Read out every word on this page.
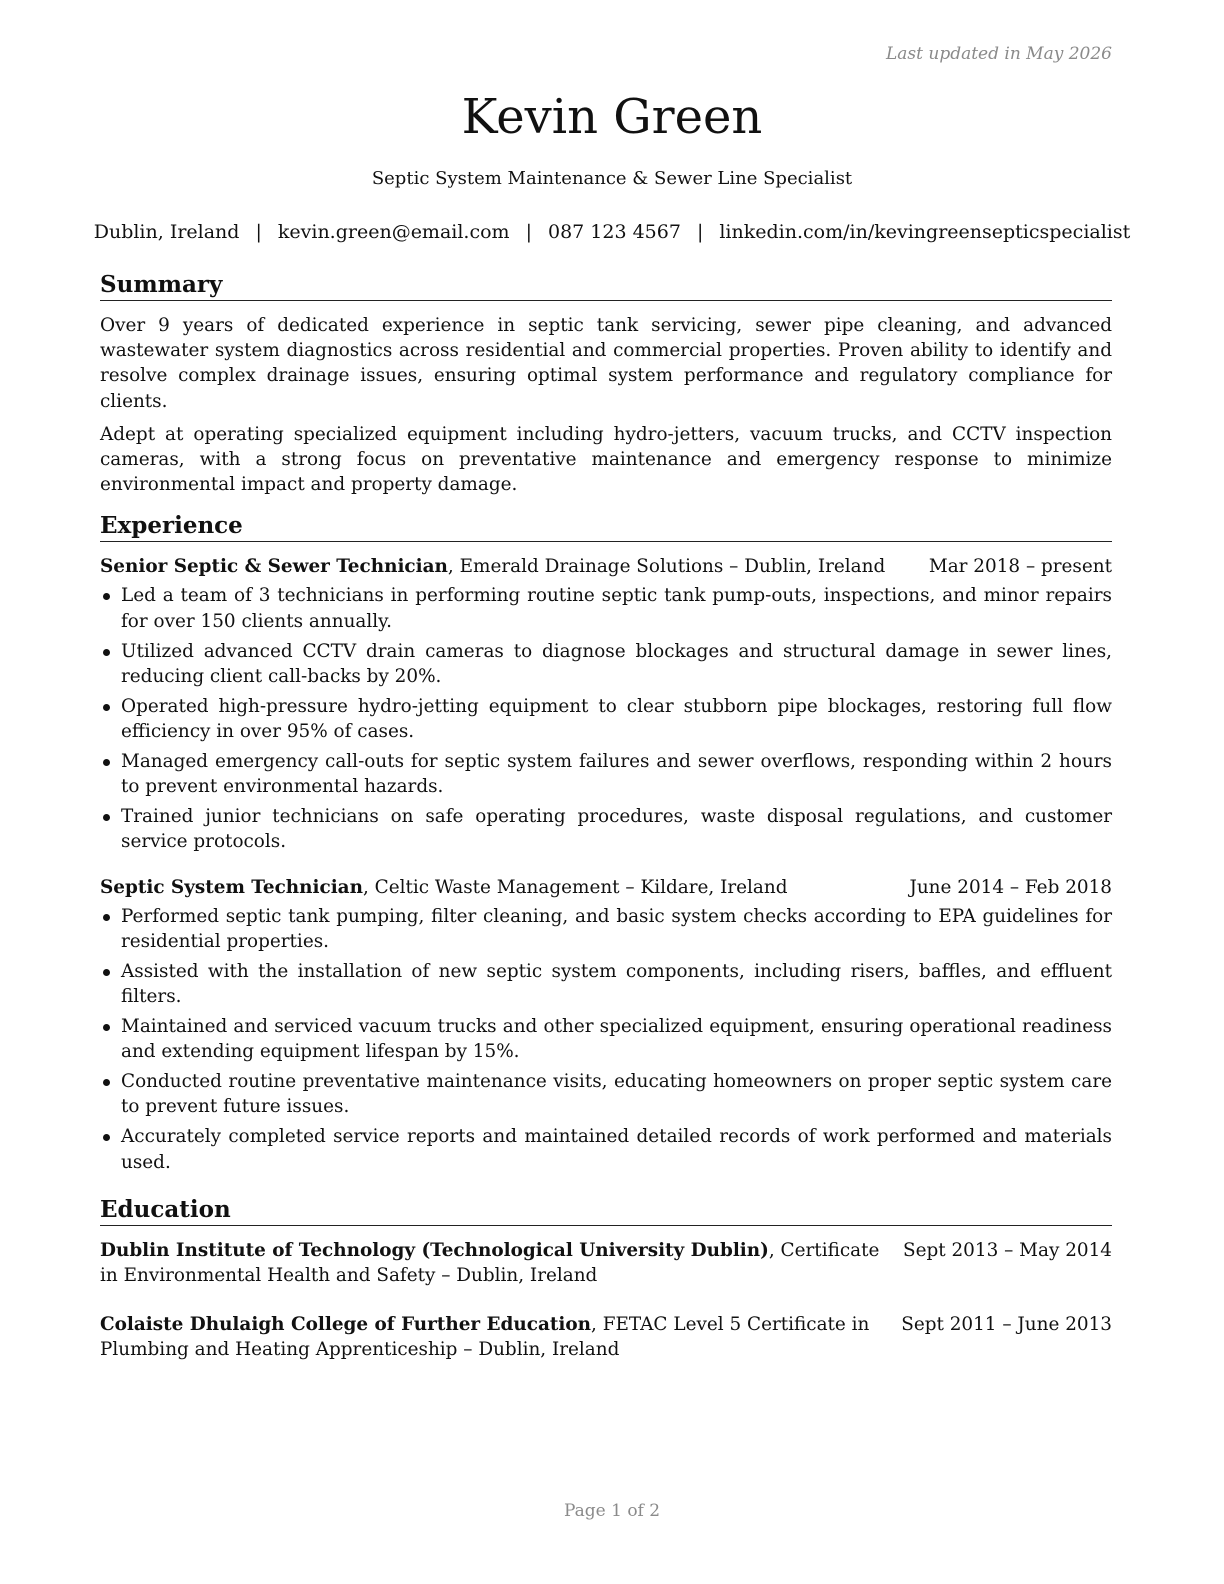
Last updated in May 2026
Kevin Green
Septic System Maintenance & Sewer Line Specialist
Dublin, Ireland | kevin.green@email.com | 087 123 4567 | linkedin.com/in/kevingreensepticspecialist
Summary

Over 9 years of dedicated experience in septic tank servicing, sewer pipe cleaning, and advanced wastewater system diagnostics across residential and commercial properties. Proven ability to identify and resolve complex drainage issues, ensuring optimal system performance and regulatory compliance for clients.

Adept at operating specialized equipment including hydro-jetters, vacuum trucks, and CCTV inspection cameras, with a strong focus on preventative maintenance and emergency response to minimize environmental impact and property damage.

Experience
Senior Septic & Sewer Technician, Emerald Drainage Solutions – Dublin, Ireland Mar 2018 – present
Led a team of 3 technicians in performing routine septic tank pump-outs, inspections, and minor repairs for over 150 clients annually.
Utilized advanced CCTV drain cameras to diagnose blockages and structural damage in sewer lines, reducing client call-backs by 20%.
Operated high-pressure hydro-jetting equipment to clear stubborn pipe blockages, restoring full flow efficiency in over 95% of cases.
Managed emergency call-outs for septic system failures and sewer overflows, responding within 2 hours to prevent environmental hazards.
Trained junior technicians on safe operating procedures, waste disposal regulations, and customer service protocols.
Septic System Technician, Celtic Waste Management – Kildare, Ireland	June 2014 – Feb 2018
Performed septic tank pumping, filter cleaning, and basic system checks according to EPA guidelines for residential properties.
Assisted with the installation of new septic system components, including risers, baffles, and effluent filters.
Maintained and serviced vacuum trucks and other specialized equipment, ensuring operational readiness and extending equipment lifespan by 15%.
Conducted routine preventative maintenance visits, educating homeowners on proper septic system care to prevent future issues.
Accurately completed service reports and maintained detailed records of work performed and materials used.
Education
Dublin Institute of Technology (Technological University Dublin), Certificate in Environmental Health and Safety – Dublin, Ireland
Sept 2013 – May 2014
Colaiste Dhulaigh College of Further Education, FETAC Level 5 Certificate in Plumbing and Heating Apprenticeship – Dublin, Ireland
Sept 2011 – June 2013
Page 1 of 2
